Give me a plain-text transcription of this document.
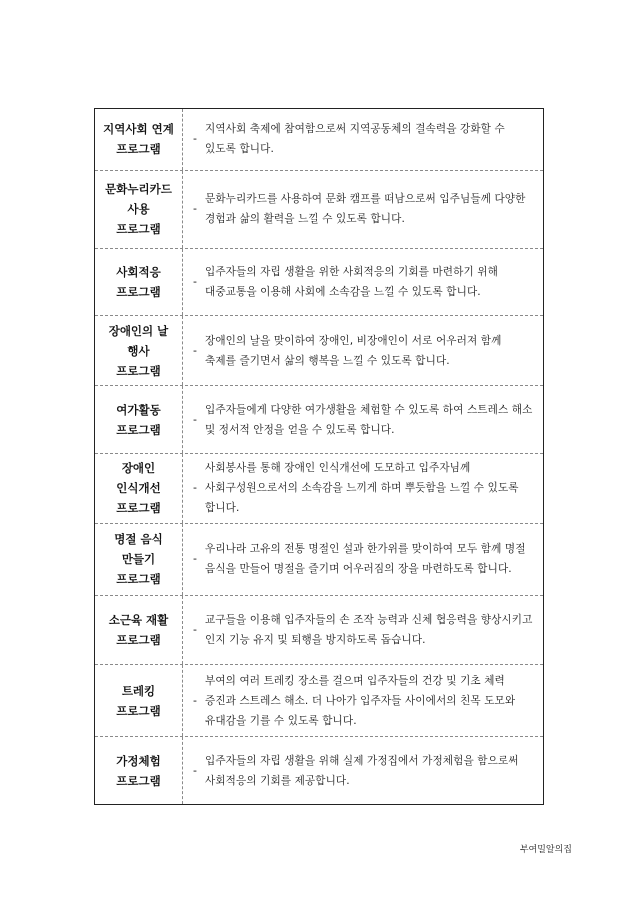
지역사회 연계
프로그램
-
지역사회 축제에 참여함으로써 지역공동체의 결속력을 강화할 수 있도록 합니다.
문화누리카드
사용
프로그램
-
문화누리카드를 사용하여 문화 캠프를 떠남으로써 입주님들께 다양한 경험과 삶의 활력을 느낄 수 있도록 합니다.
사회적응
프로그램
-
입주자들의 자립 생활을 위한 사회적응의 기회를 마련하기 위해 대중교통을 이용해 사회에 소속감을 느낄 수 있도록 합니다.
장애인의 날
행사
프로그램
-
장애인의 날을 맞이하여 장애인, 비장애인이 서로 어우러져 함께 축제를 즐기면서 삶의 행복을 느낄 수 있도록 합니다.
여가활동
프로그램
-
입주자들에게 다양한 여가생활을 체험할 수 있도록 하여 스트레스 해소 및 정서적 안정을 얻을 수 있도록 합니다.
장애인
인식개선
프로그램
-
사회봉사를 통해 장애인 인식개선에 도모하고 입주자님께 사회구성원으로서의 소속감을 느끼게 하며 뿌듯함을 느낄 수 있도록 합니다.
명절 음식
만들기
프로그램
-
우리나라 고유의 전통 명절인 설과 한가위를 맞이하여 모두 함께 명절 음식을 만들어 명절을 즐기며 어우러짐의 장을 마련하도록 합니다.
소근육 재활
프로그램
-
교구들을 이용해 입주자들의 손 조작 능력과 신체 협응력을 향상시키고 인지 기능 유지 및 퇴행을 방지하도록 돕습니다.
트레킹
프로그램
-
부여의 여러 트레킹 장소를 걸으며 입주자들의 건강 및 기초 체력 증진과 스트레스 해소. 더 나아가 입주자들 사이에서의 친목 도모와 유대감을 기를 수 있도록 합니다.
가정체험
프로그램
-
입주자들의 자립 생활을 위해 실제 가정집에서 가정체험을 함으로써 사회적응의 기회를 제공합니다.
부여밀알의집
